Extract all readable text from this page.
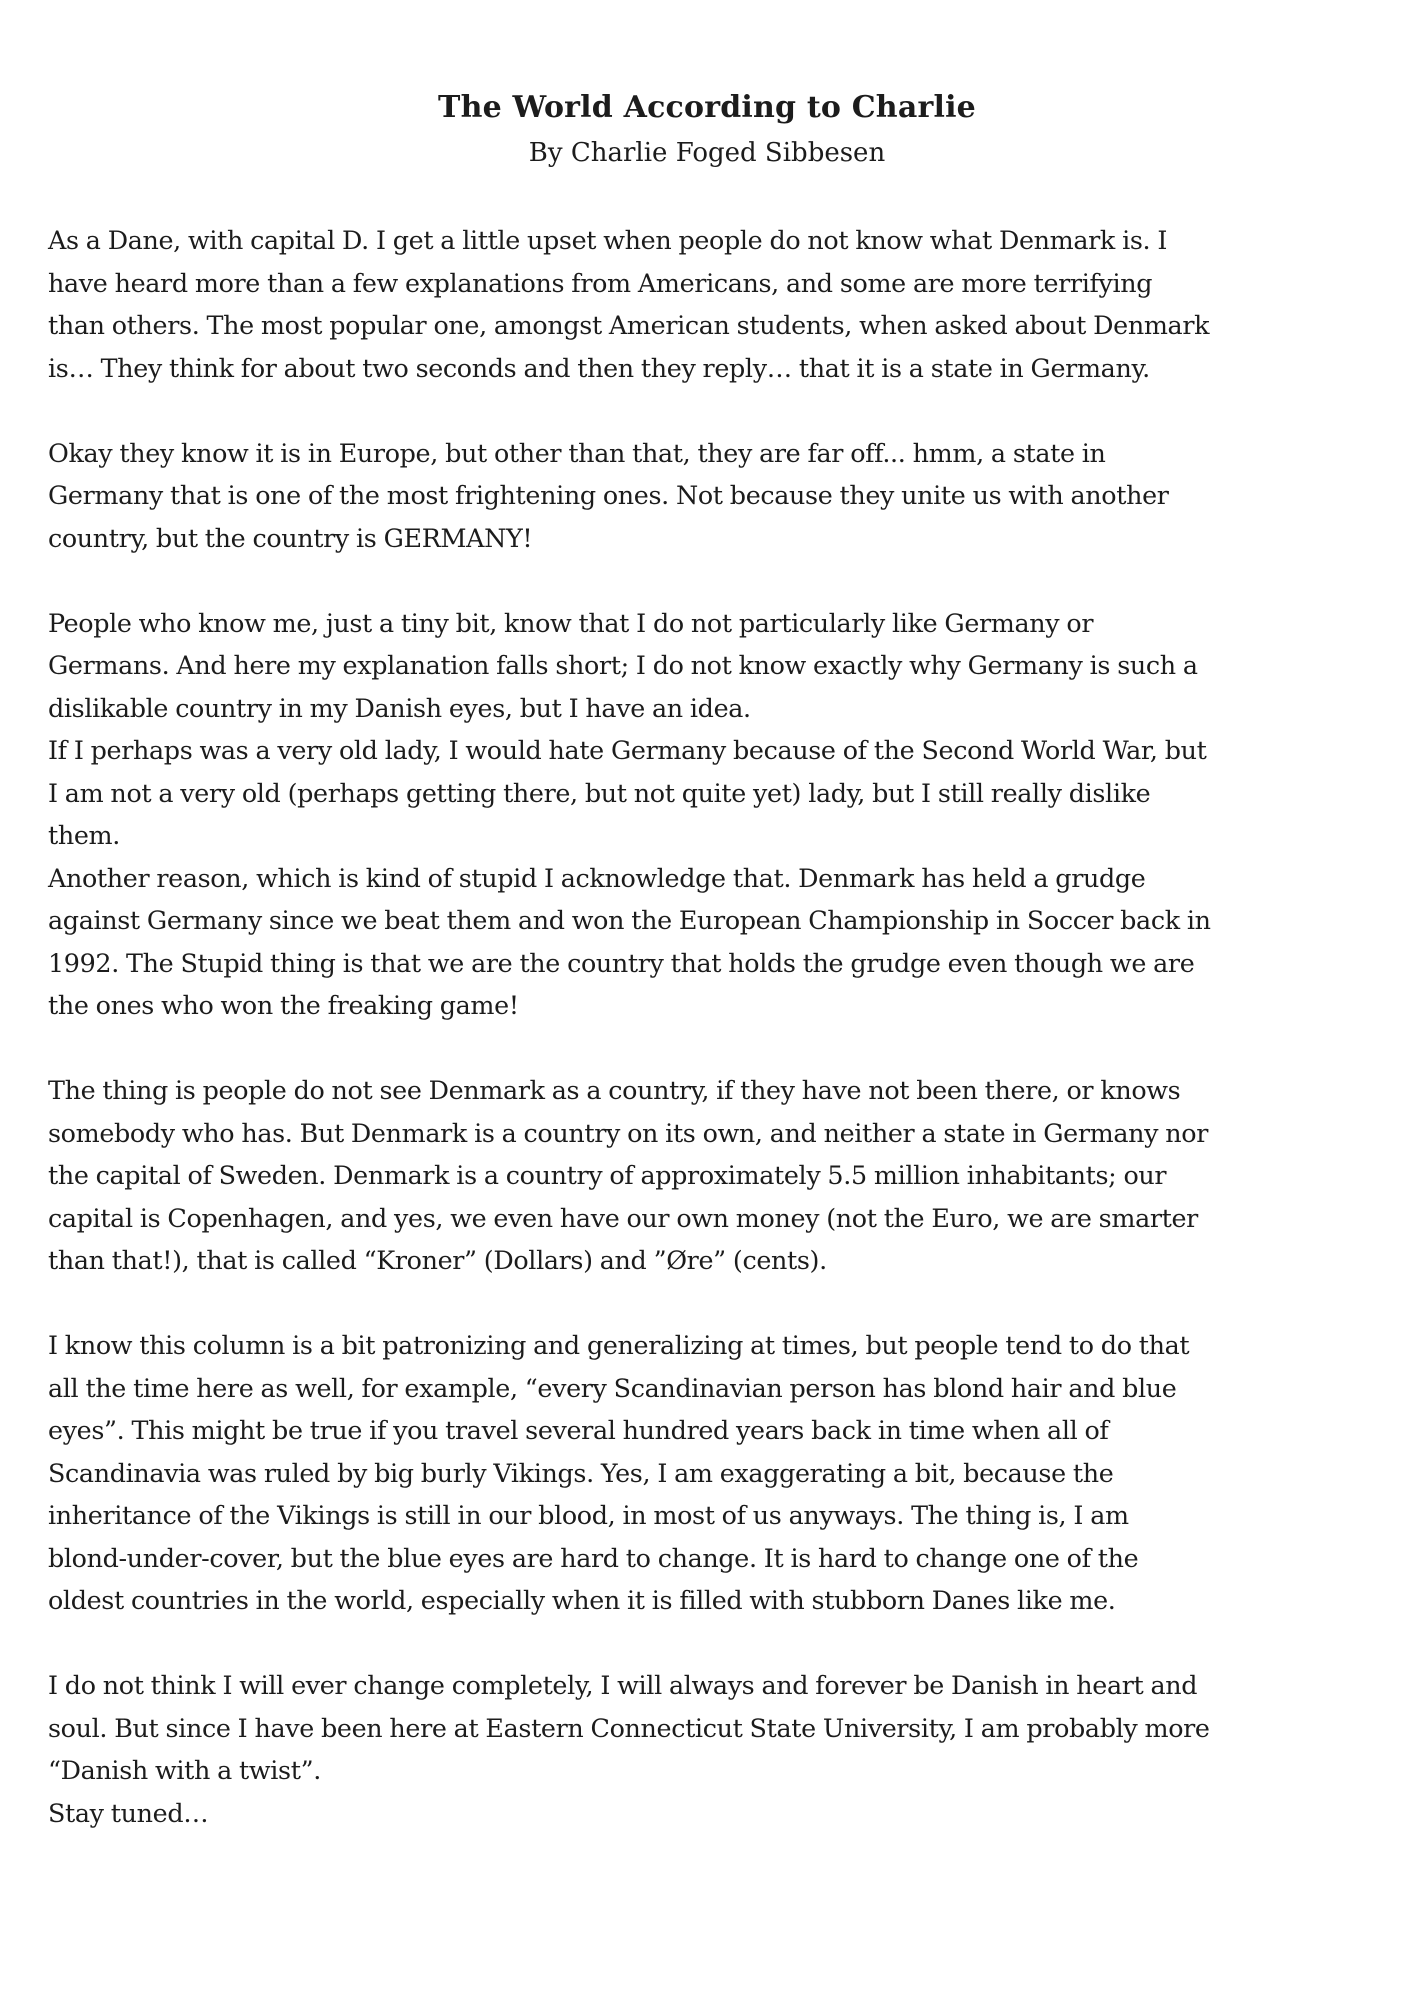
The World According to Charlie
By Charlie Foged Sibbesen

As a Dane, with capital D. I get a little upset when people do not know what Denmark is. I

have heard more than a few explanations from Americans, and some are more terrifying

than others. The most popular one, amongst American students, when asked about Denmark

is… They think for about two seconds and then they reply… that it is a state in Germany.

Okay they know it is in Europe, but other than that, they are far off... hmm, a state in

Germany that is one of the most frightening ones. Not because they unite us with another

country, but the country is GERMANY!

People who know me, just a tiny bit, know that I do not particularly like Germany or

Germans. And here my explanation falls short; I do not know exactly why Germany is such a

dislikable country in my Danish eyes, but I have an idea.

If I perhaps was a very old lady, I would hate Germany because of the Second World War, but

I am not a very old (perhaps getting there, but not quite yet) lady, but I still really dislike

them.

Another reason, which is kind of stupid I acknowledge that. Denmark has held a grudge

against Germany since we beat them and won the European Championship in Soccer back in

1992. The Stupid thing is that we are the country that holds the grudge even though we are

the ones who won the freaking game!

The thing is people do not see Denmark as a country, if they have not been there, or knows

somebody who has. But Denmark is a country on its own, and neither a state in Germany nor

the capital of Sweden. Denmark is a country of approximately 5.5 million inhabitants; our

capital is Copenhagen, and yes, we even have our own money (not the Euro, we are smarter

than that!), that is called “Kroner” (Dollars) and ”Øre” (cents).

I know this column is a bit patronizing and generalizing at times, but people tend to do that

all the time here as well, for example, “every Scandinavian person has blond hair and blue

eyes”. This might be true if you travel several hundred years back in time when all of

Scandinavia was ruled by big burly Vikings. Yes, I am exaggerating a bit, because the

inheritance of the Vikings is still in our blood, in most of us anyways. The thing is, I am

blond-under-cover, but the blue eyes are hard to change. It is hard to change one of the

oldest countries in the world, especially when it is filled with stubborn Danes like me.

I do not think I will ever change completely, I will always and forever be Danish in heart and

soul. But since I have been here at Eastern Connecticut State University, I am probably more

“Danish with a twist”.

Stay tuned…
